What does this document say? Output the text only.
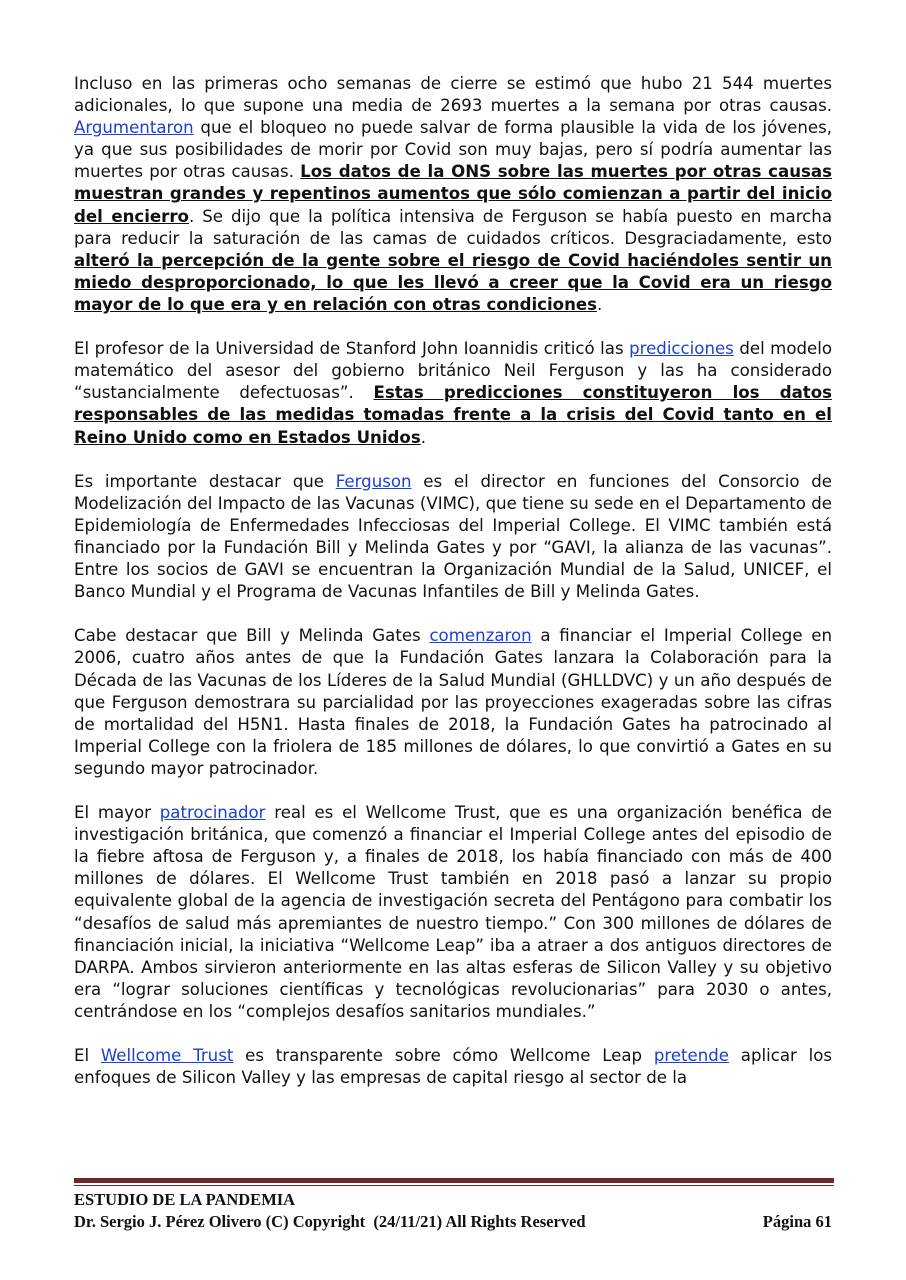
Incluso en las primeras ocho semanas de cierre se estimó que hubo 21 544 muertes adicionales, lo que supone una media de 2693 muertes a la semana por otras causas. Argumentaron que el bloqueo no puede salvar de forma plausible la vida de los jóvenes, ya que sus posibilidades de morir por Covid son muy bajas, pero sí podría aumentar las muertes por otras causas. Los datos de la ONS sobre las muertes por otras causas muestran grandes y repentinos aumentos que sólo comienzan a partir del inicio del encierro. Se dijo que la política intensiva de Ferguson se había puesto en marcha para reducir la saturación de las camas de cuidados críticos. Desgraciadamente, esto alteró la percepción de la gente sobre el riesgo de Covid haciéndoles sentir un miedo desproporcionado, lo que les llevó a creer que la Covid era un riesgo mayor de lo que era y en relación con otras condiciones.

El profesor de la Universidad de Stanford John Ioannidis criticó las predicciones del modelo matemático del asesor del gobierno británico Neil Ferguson y las ha considerado “sustancialmente defectuosas”. Estas predicciones constituyeron los datos responsables de las medidas tomadas frente a la crisis del Covid tanto en el Reino Unido como en Estados Unidos.

Es importante destacar que Ferguson es el director en funciones del Consorcio de Modelización del Impacto de las Vacunas (VIMC), que tiene su sede en el Departamento de Epidemiología de Enfermedades Infecciosas del Imperial College. El VIMC también está financiado por la Fundación Bill y Melinda Gates y por “GAVI, la alianza de las vacunas”. Entre los socios de GAVI se encuentran la Organización Mundial de la Salud, UNICEF, el Banco Mundial y el Programa de Vacunas Infantiles de Bill y Melinda Gates.

Cabe destacar que Bill y Melinda Gates comenzaron a financiar el Imperial College en 2006, cuatro años antes de que la Fundación Gates lanzara la Colaboración para la Década de las Vacunas de los Líderes de la Salud Mundial (GHLLDVC) y un año después de que Ferguson demostrara su parcialidad por las proyecciones exageradas sobre las cifras de mortalidad del H5N1. Hasta finales de 2018, la Fundación Gates ha patrocinado al Imperial College con la friolera de 185 millones de dólares, lo que convirtió a Gates en su segundo mayor patrocinador.

El mayor patrocinador real es el Wellcome Trust, que es una organización benéfica de investigación británica, que comenzó a financiar el Imperial College antes del episodio de la fiebre aftosa de Ferguson y, a finales de 2018, los había financiado con más de 400 millones de dólares. El Wellcome Trust también en 2018 pasó a lanzar su propio equivalente global de la agencia de investigación secreta del Pentágono para combatir los “desafíos de salud más apremiantes de nuestro tiempo.” Con 300 millones de dólares de financiación inicial, la iniciativa “Wellcome Leap” iba a atraer a dos antiguos directores de DARPA. Ambos sirvieron anteriormente en las altas esferas de Silicon Valley y su objetivo era “lograr soluciones científicas y tecnológicas revolucionarias” para 2030 o antes, centrándose en los “complejos desafíos sanitarios mundiales.”

El Wellcome Trust es transparente sobre cómo Wellcome Leap pretende aplicar los enfoques de Silicon Valley y las empresas de capital riesgo al sector de la

ESTUDIO DE LA PANDEMIA
Dr. Sergio J. Pérez Olivero (C) Copyright  (24/11/21) All Rights Reserved	Página 61
